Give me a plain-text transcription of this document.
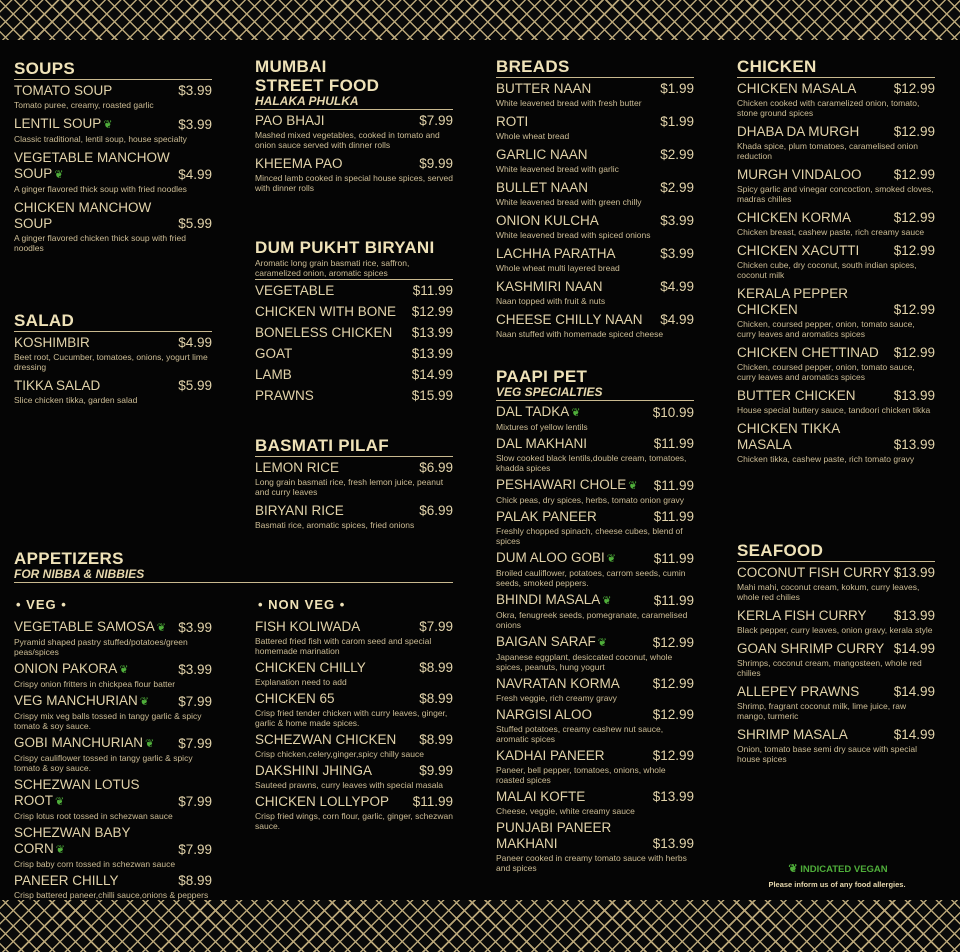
SOUPS
TOMATO SOUP	$3.99
Tomato puree, creamy, roasted garlic
LENTIL SOUP ❦	$3.99
Classic traditional, lentil soup, house specialty
VEGETABLE MANCHOW SOUP ❦	$4.99
A ginger flavored thick soup with fried noodles
CHICKEN MANCHOW SOUP	$5.99
A ginger flavored chicken thick soup with fried noodles
SALAD
KOSHIMBIR	$4.99
Beet root, Cucumber, tomatoes, onions, yogurt lime dressing
TIKKA SALAD	$5.99
Slice chicken tikka, garden salad
MUMBAI
STREET FOOD
HALAKA PHULKA
PAO BHAJI	$7.99
Mashed mixed vegetables, cooked in tomato and onion sauce served with dinner rolls
KHEEMA PAO	$9.99
Minced lamb cooked in special house spices, served with dinner rolls
DUM PUKHT BIRYANI
Aromatic long grain basmati rice, saffron, caramelized onion, aromatic spices
VEGETABLE	$11.99
CHICKEN WITH BONE $12.99
BONELESS CHICKEN $13.99
GOAT	$13.99
LAMB	$14.99
PRAWNS	$15.99
BASMATI PILAF
LEMON RICE	$6.99
Long grain basmati rice, fresh lemon juice, peanut and curry leaves
BIRYANI RICE	$6.99
Basmati rice, aromatic spices, fried onions
BREADS
BUTTER NAAN	$1.99
White leavened bread with fresh butter
ROTI	$1.99
Whole wheat bread
GARLIC NAAN	$2.99
White leavened bread with garlic
BULLET NAAN	$2.99
White leavened bread with green chilly
ONION KULCHA	$3.99
White leavened bread with spiced onions
LACHHA PARATHA	$3.99
Whole wheat multi layered bread
KASHMIRI NAAN	$4.99
Naan topped with fruit & nuts
CHEESE CHILLY NAAN $4.99
Naan stuffed with homemade spiced cheese
PAAPI PET
VEG SPECIALTIES
DAL TADKA ❦	$10.99
Mixtures of yellow lentils
DAL MAKHANI	$11.99
Slow cooked black lentils,double cream, tomatoes, khadda spices
PESHAWARI CHOLE ❦ $11.99
Chick peas, dry spices, herbs, tomato onion gravy
PALAK PANEER	$11.99
Freshly chopped spinach, cheese cubes, blend of spices
DUM ALOO GOBI ❦	$11.99
Broiled cauliflower, potatoes, carrom seeds, cumin seeds, smoked peppers.
BHINDI MASALA ❦	$11.99
Okra, fenugreek seeds, pomegranate, caramelised onions
BAIGAN SARAF ❦	$12.99
Japanese eggplant, desiccated coconut, whole spices, peanuts, hung yogurt
NAVRATAN KORMA $12.99
Fresh veggie, rich creamy gravy
NARGISI ALOO	$12.99
Stuffed potatoes, creamy cashew nut sauce, aromatic spices
KADHAI PANEER	$12.99
Paneer, bell pepper, tomatoes, onions, whole roasted spices
MALAI KOFTE	$13.99
Cheese, veggie, white creamy sauce
PUNJABI PANEER MAKHANI	$13.99
Paneer cooked in creamy tomato sauce with herbs and spices
CHICKEN
CHICKEN MASALA	$12.99
Chicken cooked with caramelized onion, tomato, stone ground spices
DHABA DA MURGH	$12.99
Khada spice, plum tomatoes, caramelised onion reduction
MURGH VINDALOO $12.99
Spicy garlic and vinegar concoction, smoked cloves, madras chilies
CHICKEN KORMA	$12.99
Chicken breast, cashew paste, rich creamy sauce
CHICKEN XACUTTI	$12.99
Chicken cube, dry coconut, south indian spices, coconut milk
KERALA PEPPER CHICKEN	$12.99
Chicken, coursed pepper, onion, tomato sauce, curry leaves and aromatics spices
CHICKEN CHETTINAD $12.99
Chicken, coursed pepper, onion, tomato sauce, curry leaves and aromatics spices
BUTTER CHICKEN	$13.99
House special buttery sauce, tandoori chicken tikka
CHICKEN TIKKA MASALA	$13.99
Chicken tikka, cashew paste, rich tomato gravy
SEAFOOD
COCONUT FISH CURRY $13.99
Mahi mahi, coconut cream, kokum, curry leaves, whole red chilies
KERLA FISH CURRY $13.99
Black pepper, curry leaves, onion gravy, kerala style
GOAN SHRIMP CURRY $14.99
Shrimps, coconut cream, mangosteen, whole red chilies
ALLEPEY PRAWNS	$14.99
Shrimp, fragrant coconut milk, lime juice, raw mango, turmeric
SHRIMP MASALA	$14.99
Onion, tomato base semi dry sauce with special house spices
APPETIZERS
FOR NIBBA & NIBBIES
• VEG •	• NON VEG •
VEGETABLE SAMOSA ❦ $3.99
Pyramid shaped pastry stuffed/potatoes/green peas/spices
ONION PAKORA ❦	$3.99
Crispy onion fritters in chickpea flour batter
VEG MANCHURIAN ❦ $7.99
Crispy mix veg balls tossed in tangy garlic & spicy tomato & soy sauce.
GOBI MANCHURIAN ❦ $7.99
Crispy cauliflower tossed in tangy garlic & spicy tomato & soy sauce.
SCHEZWAN LOTUS ROOT ❦	$7.99
Crisp lotus root tossed in schezwan sauce
SCHEZWAN BABY CORN ❦	$7.99
Crisp baby corn tossed in schezwan sauce
PANEER CHILLY	$8.99
Crisp battered paneer,chilli sauce,onions & peppers
FISH KOLIWADA	$7.99
Battered fried fish with carom seed and special homemade marination
CHICKEN CHILLY	$8.99
Explanation need to add
CHICKEN 65	$8.99
Crisp fried tender chicken with curry leaves, ginger, garlic & home made spices.
SCHEZWAN CHICKEN $8.99
Crisp chicken,celery,ginger,spicy chilly sauce
DAKSHINI JHINGA	$9.99
Sauteed prawns, curry leaves with special masala
CHICKEN LOLLYPOP $11.99
Crisp fried wings, corn flour, garlic, ginger, schezwan sauce.
❦ INDICATED VEGAN
Please inform us of any food allergies.
